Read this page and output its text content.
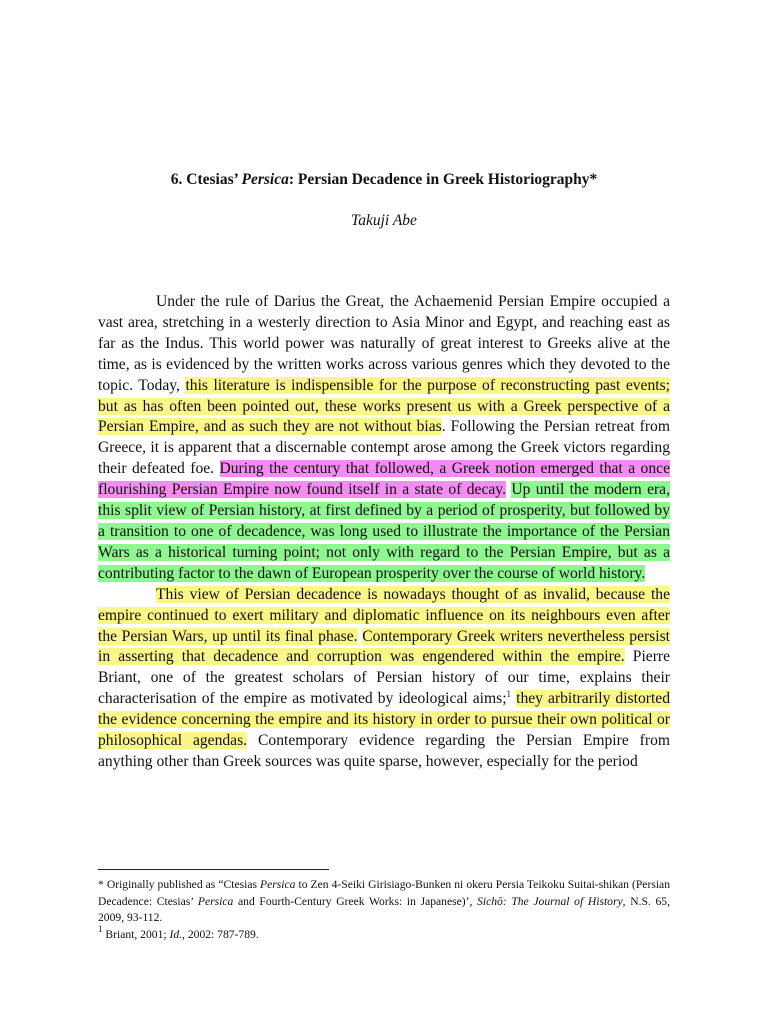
6. Ctesias’ Persica: Persian Decadence in Greek Historiography*
Takuji Abe

Under the rule of Darius the Great, the Achaemenid Persian Empire occupied a vast area, stretching in a westerly direction to Asia Minor and Egypt, and reaching east as far as the Indus. This world power was naturally of great interest to Greeks alive at the time, as is evidenced by the written works across various genres which they devoted to the topic. Today, this literature is indispensible for the purpose of reconstructing past events; but as has often been pointed out, these works present us with a Greek perspective of a Persian Empire, and as such they are not without bias. Following the Persian retreat from Greece, it is apparent that a discernable contempt arose among the Greek victors regarding their defeated foe. During the century that followed, a Greek notion emerged that a once flourishing Persian Empire now found itself in a state of decay. Up until the modern era, this split view of Persian history, at first defined by a period of prosperity, but followed by a transition to one of decadence, was long used to illustrate the importance of the Persian Wars as a historical turning point; not only with regard to the Persian Empire, but as a contributing factor to the dawn of European prosperity over the course of world history.

This view of Persian decadence is nowadays thought of as invalid, because the empire continued to exert military and diplomatic influence on its neighbours even after the Persian Wars, up until its final phase. Contemporary Greek writers nevertheless persist in asserting that decadence and corruption was engendered within the empire. Pierre Briant, one of the greatest scholars of Persian history of our time, explains their characterisation of the empire as motivated by ideological aims;$^1$ they arbitrarily distorted the evidence concerning the empire and its history in order to pursue their own political or philosophical agendas. Contemporary evidence regarding the Persian Empire from anything other than Greek sources was quite sparse, however, especially for the period

* Originally published as “Ctesias Persica to Zen 4-Seiki Girisiago-Bunken ni okeru Persia Teikoku Suitai-shikan (Persian Decadence: Ctesias’ Persica and Fourth-Century Greek Works: in Japanese)’, Sichō: The Journal of History, N.S. 65, 2009, 93-112.
$^1$ Briant, 2001; Id., 2002: 787-789.
